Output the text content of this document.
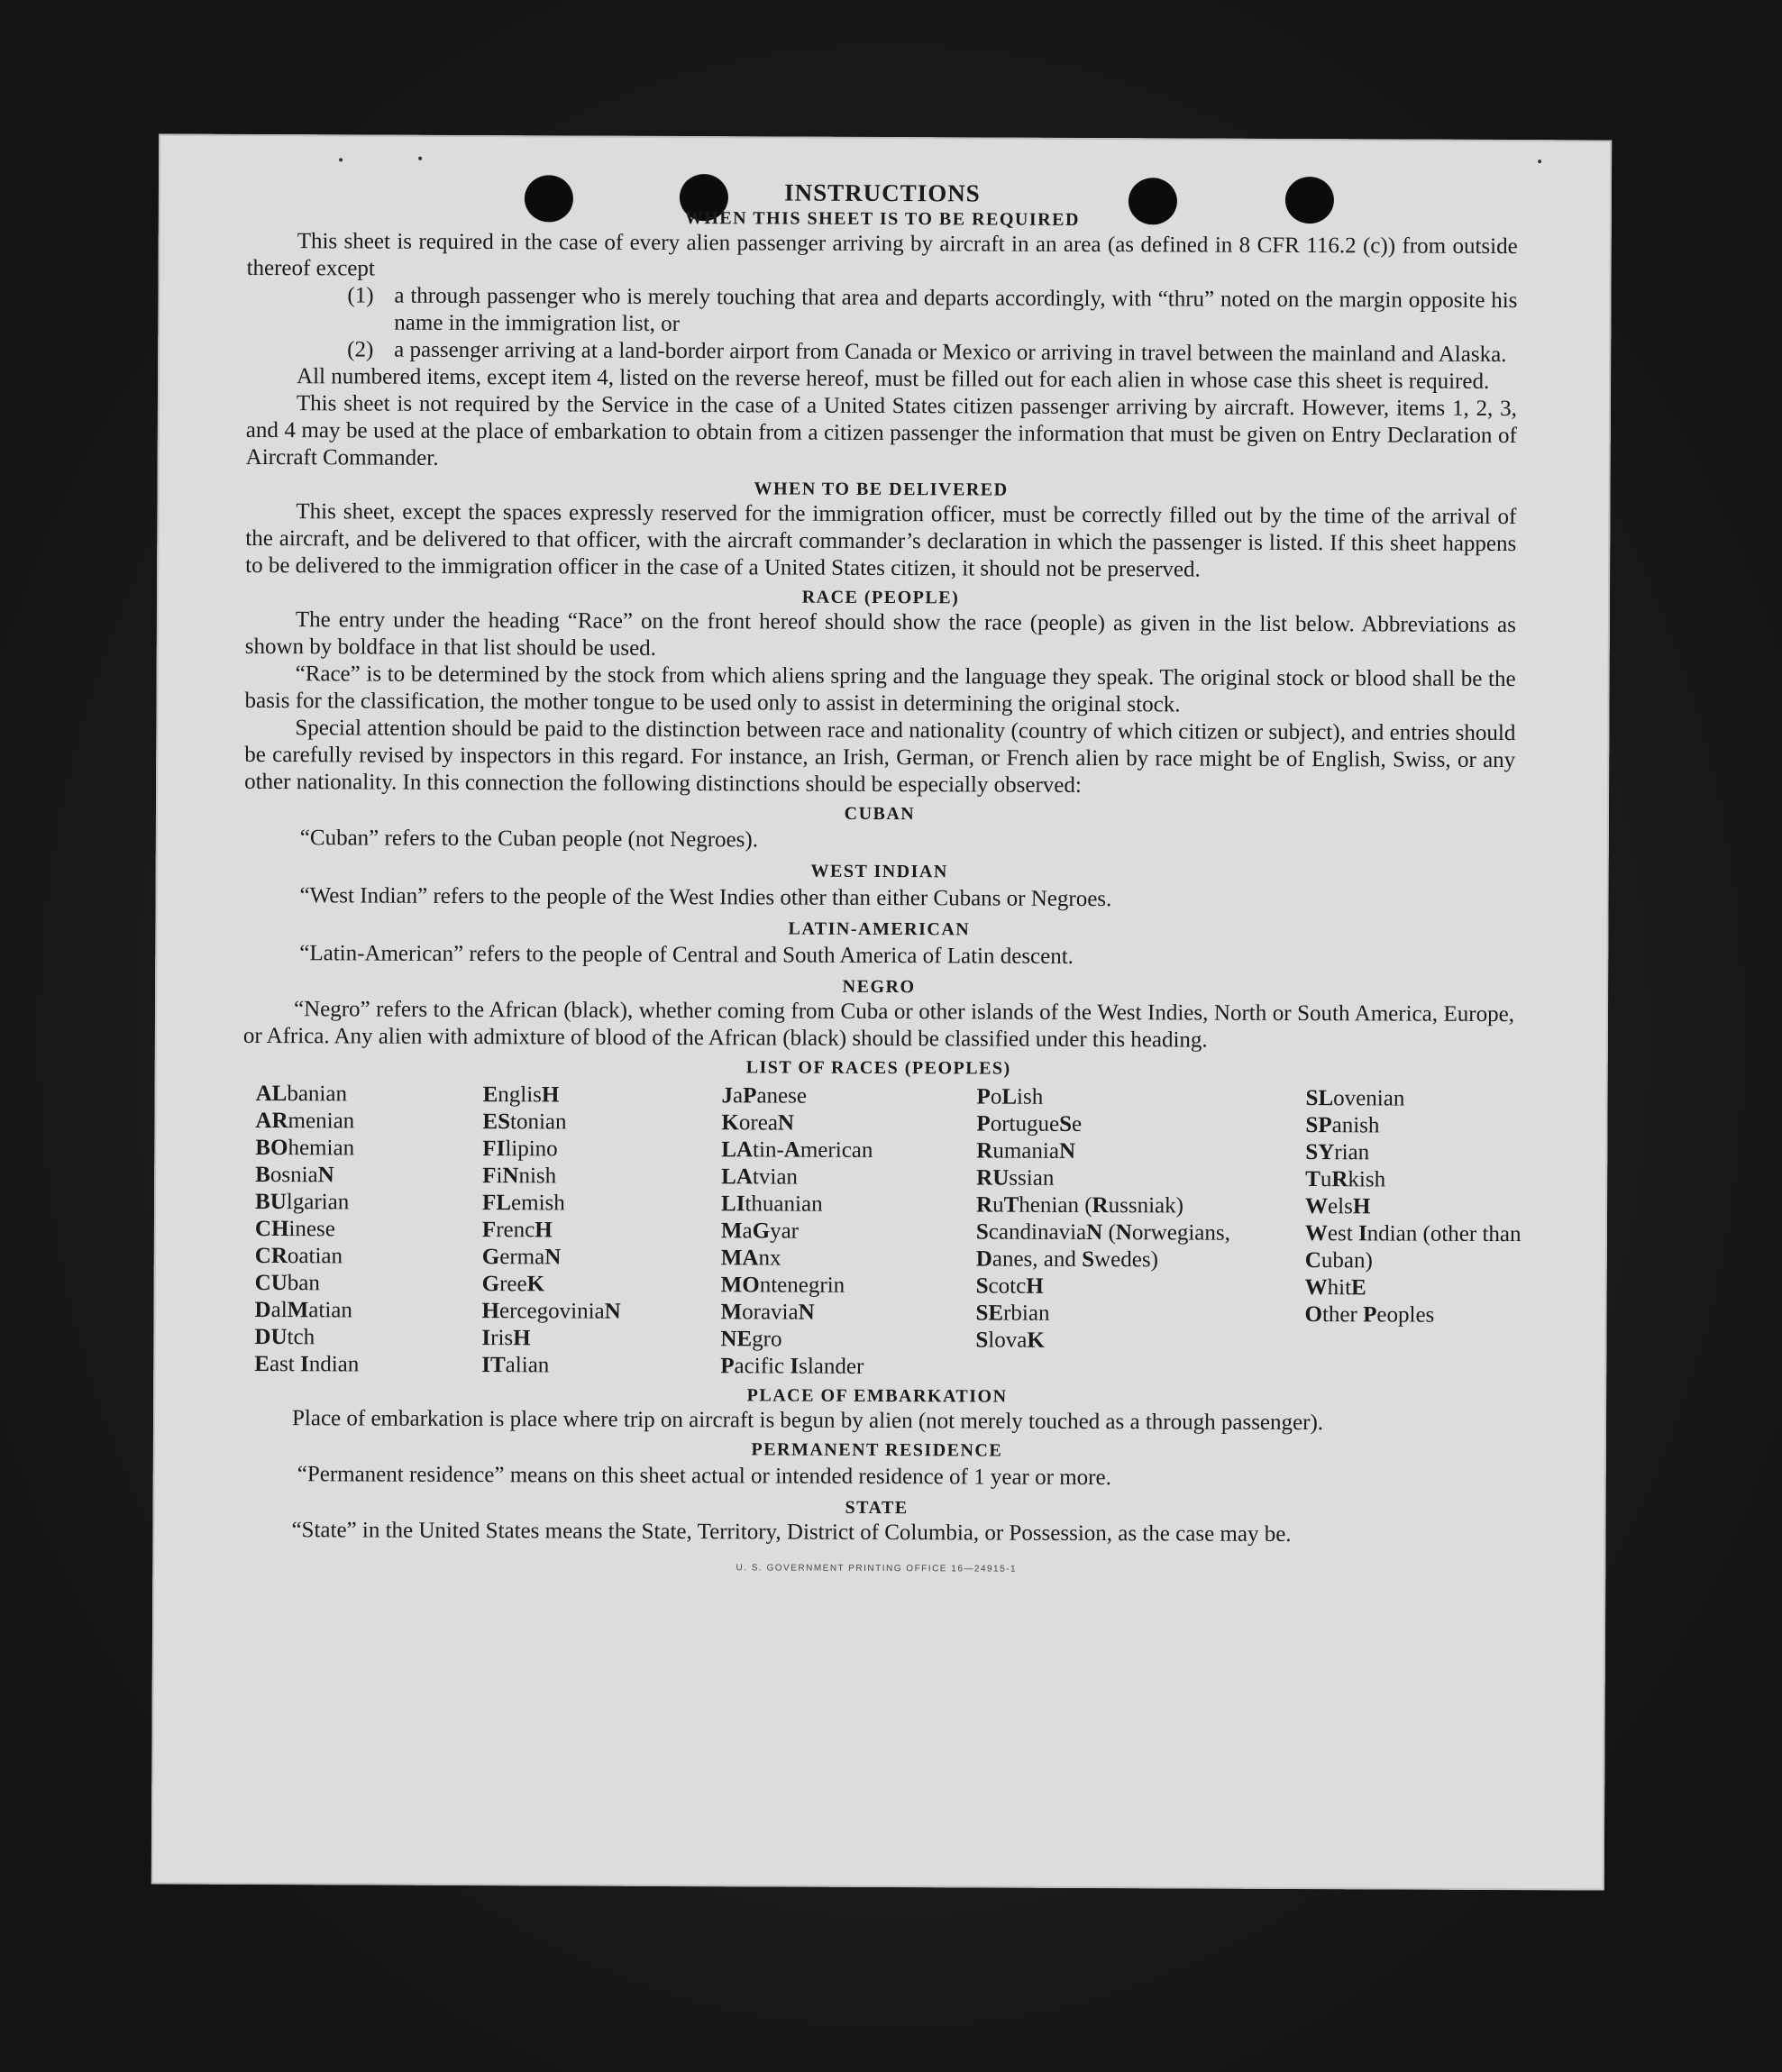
INSTRUCTIONS
WHEN THIS SHEET IS TO BE REQUIRED

This sheet is required in the case of every alien passenger arriving by aircraft in an area (as defined in 8 CFR 116.2 (c)) from outside thereof except

(1) a through passenger who is merely touching that area and departs accordingly, with “thru” noted on the margin opposite his name in the immigration list, or
(2) a passenger arriving at a land-border airport from Canada or Mexico or arriving in travel between the mainland and Alaska.

All numbered items, except item 4, listed on the reverse hereof, must be filled out for each alien in whose case this sheet is required.

This sheet is not required by the Service in the case of a United States citizen passenger arriving by aircraft. However, items 1, 2, 3, and 4 may be used at the place of embarkation to obtain from a citizen passenger the information that must be given on Entry Declaration of Aircraft Commander.

WHEN TO BE DELIVERED

This sheet, except the spaces expressly reserved for the immigration officer, must be correctly filled out by the time of the arrival of the aircraft, and be delivered to that officer, with the aircraft commander’s declaration in which the passenger is listed. If this sheet happens to be delivered to the immigration officer in the case of a United States citizen, it should not be preserved.

RACE (PEOPLE)

The entry under the heading “Race” on the front hereof should show the race (people) as given in the list below. Abbreviations as shown by boldface in that list should be used.

“Race” is to be determined by the stock from which aliens spring and the language they speak. The original stock or blood shall be the basis for the classification, the mother tongue to be used only to assist in determining the original stock.

Special attention should be paid to the distinction between race and nationality (country of which citizen or subject), and entries should be carefully revised by inspectors in this regard. For instance, an Irish, German, or French alien by race might be of English, Swiss, or any other nationality. In this connection the following distinctions should be especially observed:

CUBAN

“Cuban” refers to the Cuban people (not Negroes).

WEST INDIAN

“West Indian” refers to the people of the West Indies other than either Cubans or Negroes.

LATIN-AMERICAN

“Latin-American” refers to the people of Central and South America of Latin descent.

NEGRO

“Negro” refers to the African (black), whether coming from Cuba or other islands of the West Indies, North or South America, Europe, or Africa. Any alien with admixture of blood of the African (black) should be classified under this heading.

LIST OF RACES (PEOPLES)
ALbanian
ARmenian
BOhemian
BosniaN
BUlgarian
CHinese
CRoatian
CUban
DalMatian
DUtch
East Indian
EnglisH
EStonian
FIlipino
FiNnish
FLemish
FrencH
GermaN
GreeK
HercegoviniaN
IrisH
ITalian
JaPanese
KoreaN
LAtin-American
LAtvian
LIthuanian
MaGyar
MAnx
MOntenegrin
MoraviaN
NEgro
Pacific Islander
PoLish
PortugueSe
RumaniaN
RUssian
RuThenian (Russniak)
ScandinaviaN (Norwegians, Danes, and Swedes)
ScotcH
SErbian
SlovaK
SLovenian
SPanish
SYrian
TuRkish
WelsH
West Indian (other than Cuban)
WhitE
Other Peoples
PLACE OF EMBARKATION

Place of embarkation is place where trip on aircraft is begun by alien (not merely touched as a through passenger).

PERMANENT RESIDENCE

“Permanent residence” means on this sheet actual or intended residence of 1 year or more.

STATE

“State” in the United States means the State, Territory, District of Columbia, or Possession, as the case may be.

U. S. GOVERNMENT PRINTING OFFICE 16—24915-1
